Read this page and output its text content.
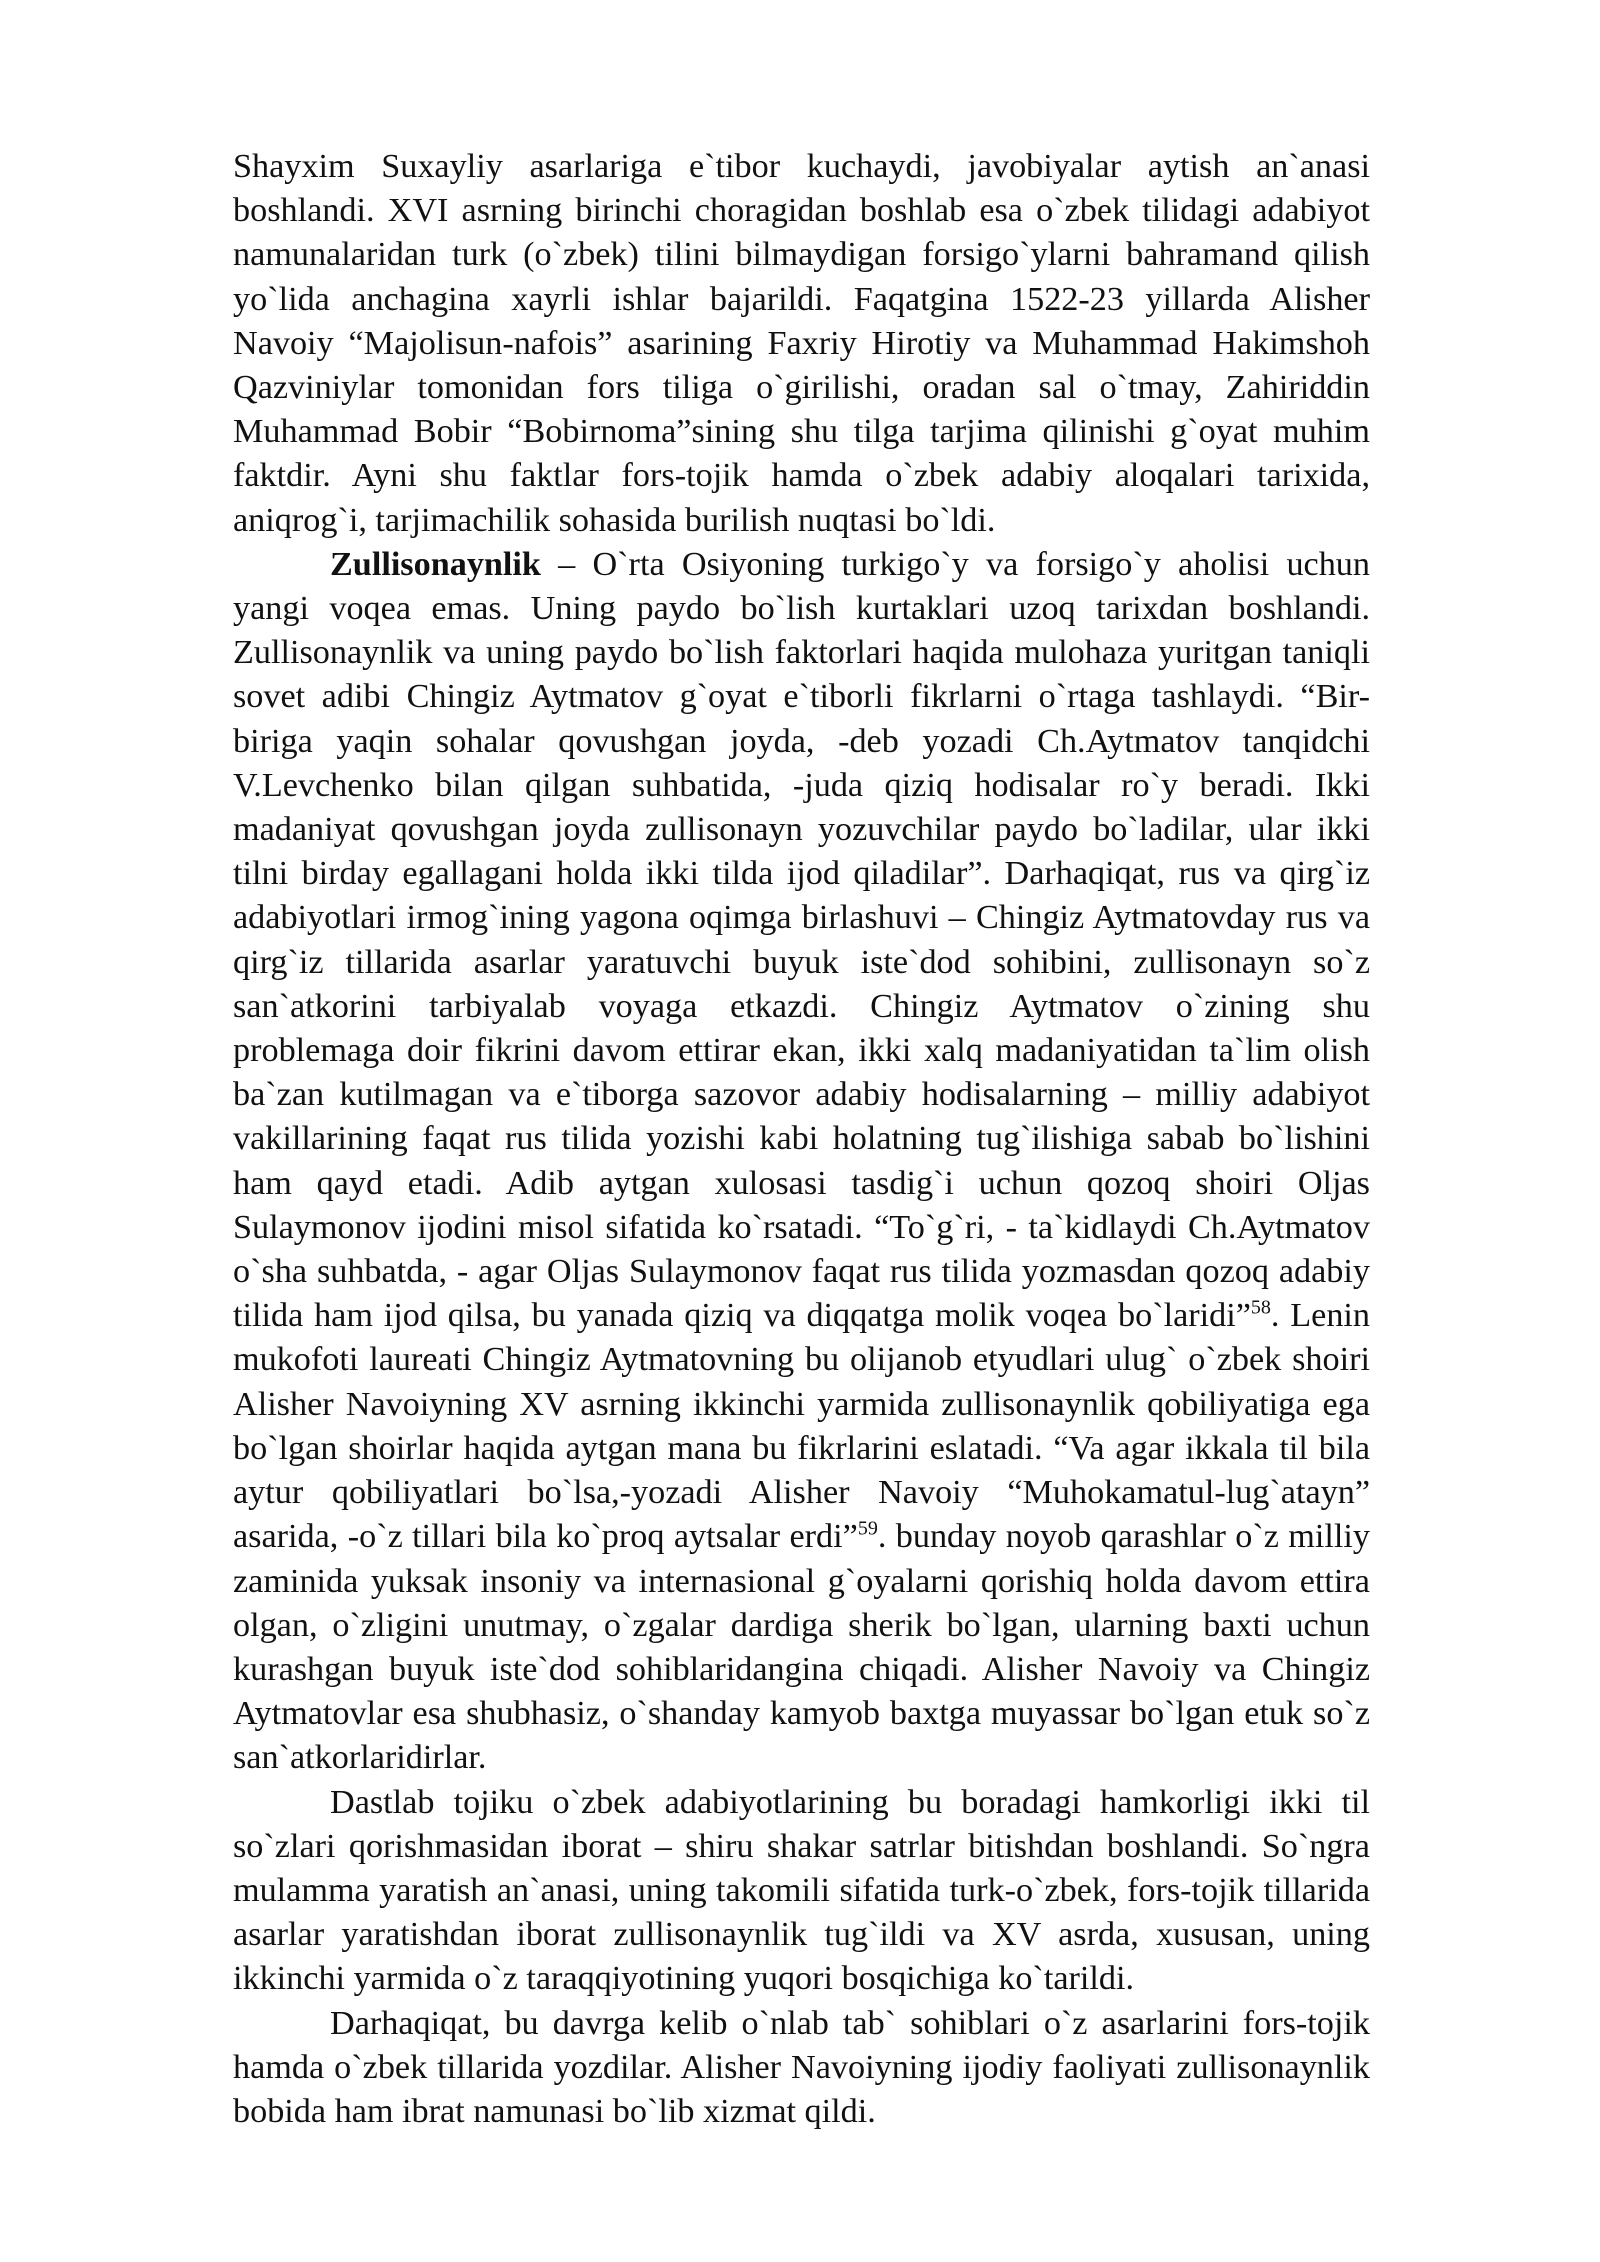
Shayxim Suxayliy asarlariga e`tibor kuchaydi, javobiyalar aytish an`anasi boshlandi. XVI asrning birinchi choragidan boshlab esa o`zbek tilidagi adabiyot namunalaridan turk (o`zbek) tilini bilmaydigan forsigo`ylarni bahramand qilish yo`lida anchagina xayrli ishlar bajarildi. Faqatgina 1522-23 yillarda Alisher Navoiy “Majolisun-nafois” asarining Faxriy Hirotiy va Muhammad Hakimshoh Qazviniylar tomonidan fors tiliga o`girilishi, oradan sal o`tmay, Zahiriddin Muhammad Bobir “Bobirnoma”sining shu tilga tarjima qilinishi g`oyat muhim faktdir. Ayni shu faktlar fors-tojik hamda o`zbek adabiy aloqalari tarixida, aniqrog`i, tarjimachilik sohasida burilish nuqtasi bo`ldi.

Zullisonaynlik – O`rta Osiyoning turkigo`y va forsigo`y aholisi uchun yangi voqea emas. Uning paydo bo`lish kurtaklari uzoq tarixdan boshlandi. Zullisonaynlik va uning paydo bo`lish faktorlari haqida mulohaza yuritgan taniqli sovet adibi Chingiz Aytmatov g`oyat e`tiborli fikrlarni o`rtaga tashlaydi. “Bir-biriga yaqin sohalar qovushgan joyda, -deb yozadi Ch.Aytmatov tanqidchi V.Levchenko bilan qilgan suhbatida, -juda qiziq hodisalar ro`y beradi. Ikki madaniyat qovushgan joyda zullisonayn yozuvchilar paydo bo`ladilar, ular ikki tilni birday egallagani holda ikki tilda ijod qiladilar”. Darhaqiqat, rus va qirg`iz adabiyotlari irmog`ining yagona oqimga birlashuvi – Chingiz Aytmatovday rus va qirg`iz tillarida asarlar yaratuvchi buyuk iste`dod sohibini, zullisonayn so`z san`atkorini tarbiyalab voyaga etkazdi. Chingiz Aytmatov o`zining shu problemaga doir fikrini davom ettirar ekan, ikki xalq madaniyatidan ta`lim olish ba`zan kutilmagan va e`tiborga sazovor adabiy hodisalarning – milliy adabiyot vakillarining faqat rus tilida yozishi kabi holatning tug`ilishiga sabab bo`lishini ham qayd etadi. Adib aytgan xulosasi tasdig`i uchun qozoq shoiri Oljas Sulaymonov ijodini misol sifatida ko`rsatadi. “To`g`ri, - ta`kidlaydi Ch.Aytmatov o`sha suhbatda, - agar Oljas Sulaymonov faqat rus tilida yozmasdan qozoq adabiy tilida ham ijod qilsa, bu yanada qiziq va diqqatga molik voqea bo`laridi”$^{58}$. Lenin mukofoti laureati Chingiz Aytmatovning bu olijanob etyudlari ulug` o`zbek shoiri Alisher Navoiyning XV asrning ikkinchi yarmida zullisonaynlik qobiliyatiga ega bo`lgan shoirlar haqida aytgan mana bu fikrlarini eslatadi. “Va agar ikkala til bila aytur qobiliyatlari bo`lsa,-yozadi Alisher Navoiy “Muhokamatul-lug`atayn” asarida, -o`z tillari bila ko`proq aytsalar erdi”$^{59}$. bunday noyob qarashlar o`z milliy zaminida yuksak insoniy va internasional g`oyalarni qorishiq holda davom ettira olgan, o`zligini unutmay, o`zgalar dardiga sherik bo`lgan, ularning baxti uchun kurashgan buyuk iste`dod sohiblaridangina chiqadi. Alisher Navoiy va Chingiz Aytmatovlar esa shubhasiz, o`shanday kamyob baxtga muyassar bo`lgan etuk so`z san`atkorlaridirlar.

Dastlab tojiku o`zbek adabiyotlarining bu boradagi hamkorligi ikki til so`zlari qorishmasidan iborat – shiru shakar satrlar bitishdan boshlandi. So`ngra mulamma yaratish an`anasi, uning takomili sifatida turk-o`zbek, fors-tojik tillarida asarlar yaratishdan iborat zullisonaynlik tug`ildi va XV asrda, xususan, uning ikkinchi yarmida o`z taraqqiyotining yuqori bosqichiga ko`tarildi.

Darhaqiqat, bu davrga kelib o`nlab tab` sohiblari o`z asarlarini fors-tojik hamda o`zbek tillarida yozdilar. Alisher Navoiyning ijodiy faoliyati zullisonaynlik bobida ham ibrat namunasi bo`lib xizmat qildi.
